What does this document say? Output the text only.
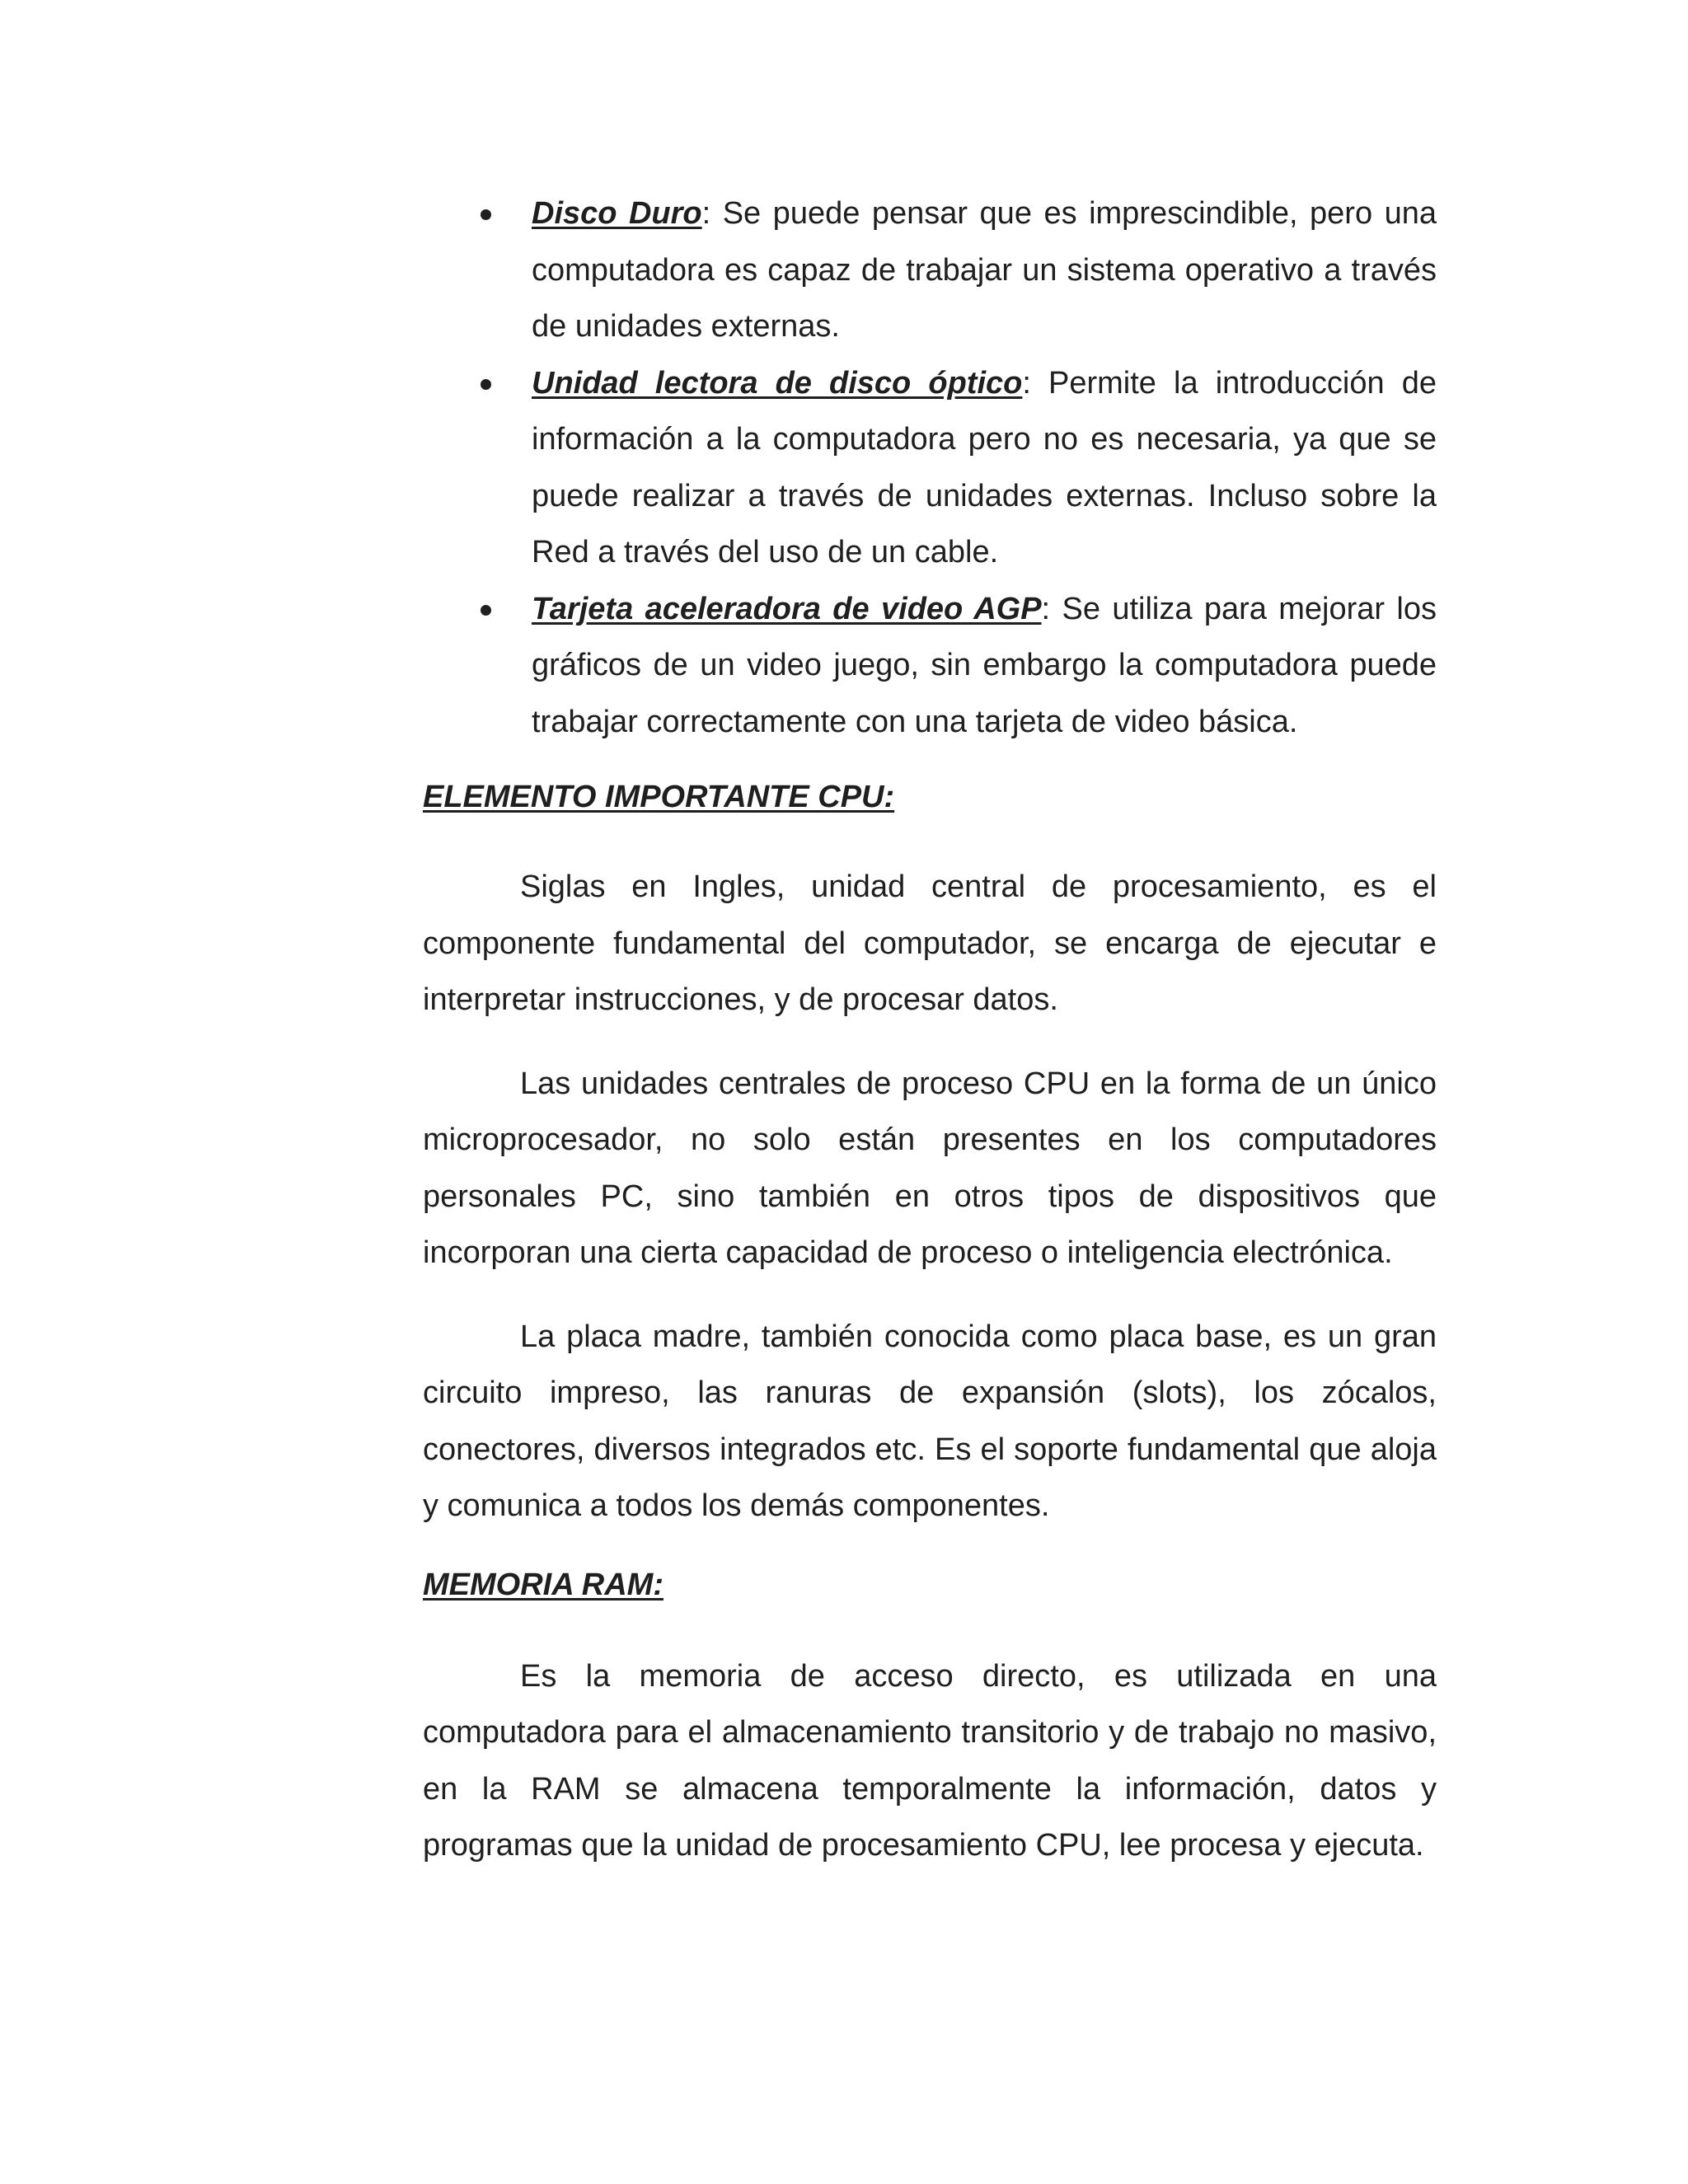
Disco Duro: Se puede pensar que es imprescindible, pero una computadora es capaz de trabajar un sistema operativo a través de unidades externas.

Unidad lectora de disco óptico: Permite la introducción de información a la computadora pero no es necesaria, ya que se puede realizar a través de unidades externas. Incluso sobre la Red a través del uso de un cable.

Tarjeta aceleradora de video AGP: Se utiliza para mejorar los gráficos de un video juego, sin embargo la computadora puede trabajar correctamente con una tarjeta de video básica.

ELEMENTO IMPORTANTE CPU:

Siglas en Ingles, unidad central de procesamiento, es el componente fundamental del computador, se encarga de ejecutar e interpretar instrucciones, y de procesar datos.

Las unidades centrales de proceso CPU en la forma de un único microprocesador, no solo están presentes en los computadores personales PC, sino también en otros tipos de dispositivos que incorporan una cierta capacidad de proceso o inteligencia electrónica.

La placa madre, también conocida como placa base, es un gran circuito impreso, las ranuras de expansión (slots), los zócalos, conectores, diversos integrados etc. Es el soporte fundamental que aloja y comunica a todos los demás componentes.

MEMORIA RAM:

Es la memoria de acceso directo, es utilizada en una computadora para el almacenamiento transitorio y de trabajo no masivo, en la RAM se almacena temporalmente la información, datos y programas que la unidad de procesamiento CPU, lee procesa y ejecuta.
